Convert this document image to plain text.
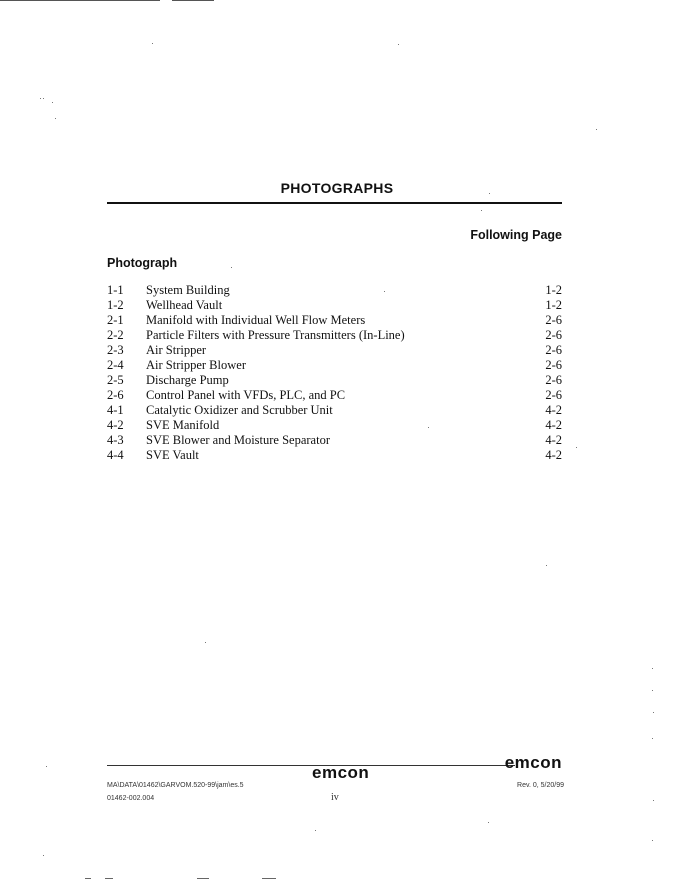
PHOTOGRAPHS
Following Page
Photograph
1-1	System Building	1-2
1-2	Wellhead Vault	1-2
2-1	Manifold with Individual Well Flow Meters	2-6
2-2	Particle Filters with Pressure Transmitters (In-Line)	2-6
2-3	Air Stripper	2-6
2-4	Air Stripper Blower	2-6
2-5	Discharge Pump	2-6
2-6	Control Panel with VFDs, PLC, and PC	2-6
4-1	Catalytic Oxidizer and Scrubber Unit	4-2
4-2	SVE Manifold	4-2
4-3	SVE Blower and Moisture Separator	4-2
4-4	SVE Vault	4-2
emcon
emcon
MA\DATA\01462\GARVOM.520-99\jam\es.5
01462-002.004	iv
Rev. 0, 5/20/99
